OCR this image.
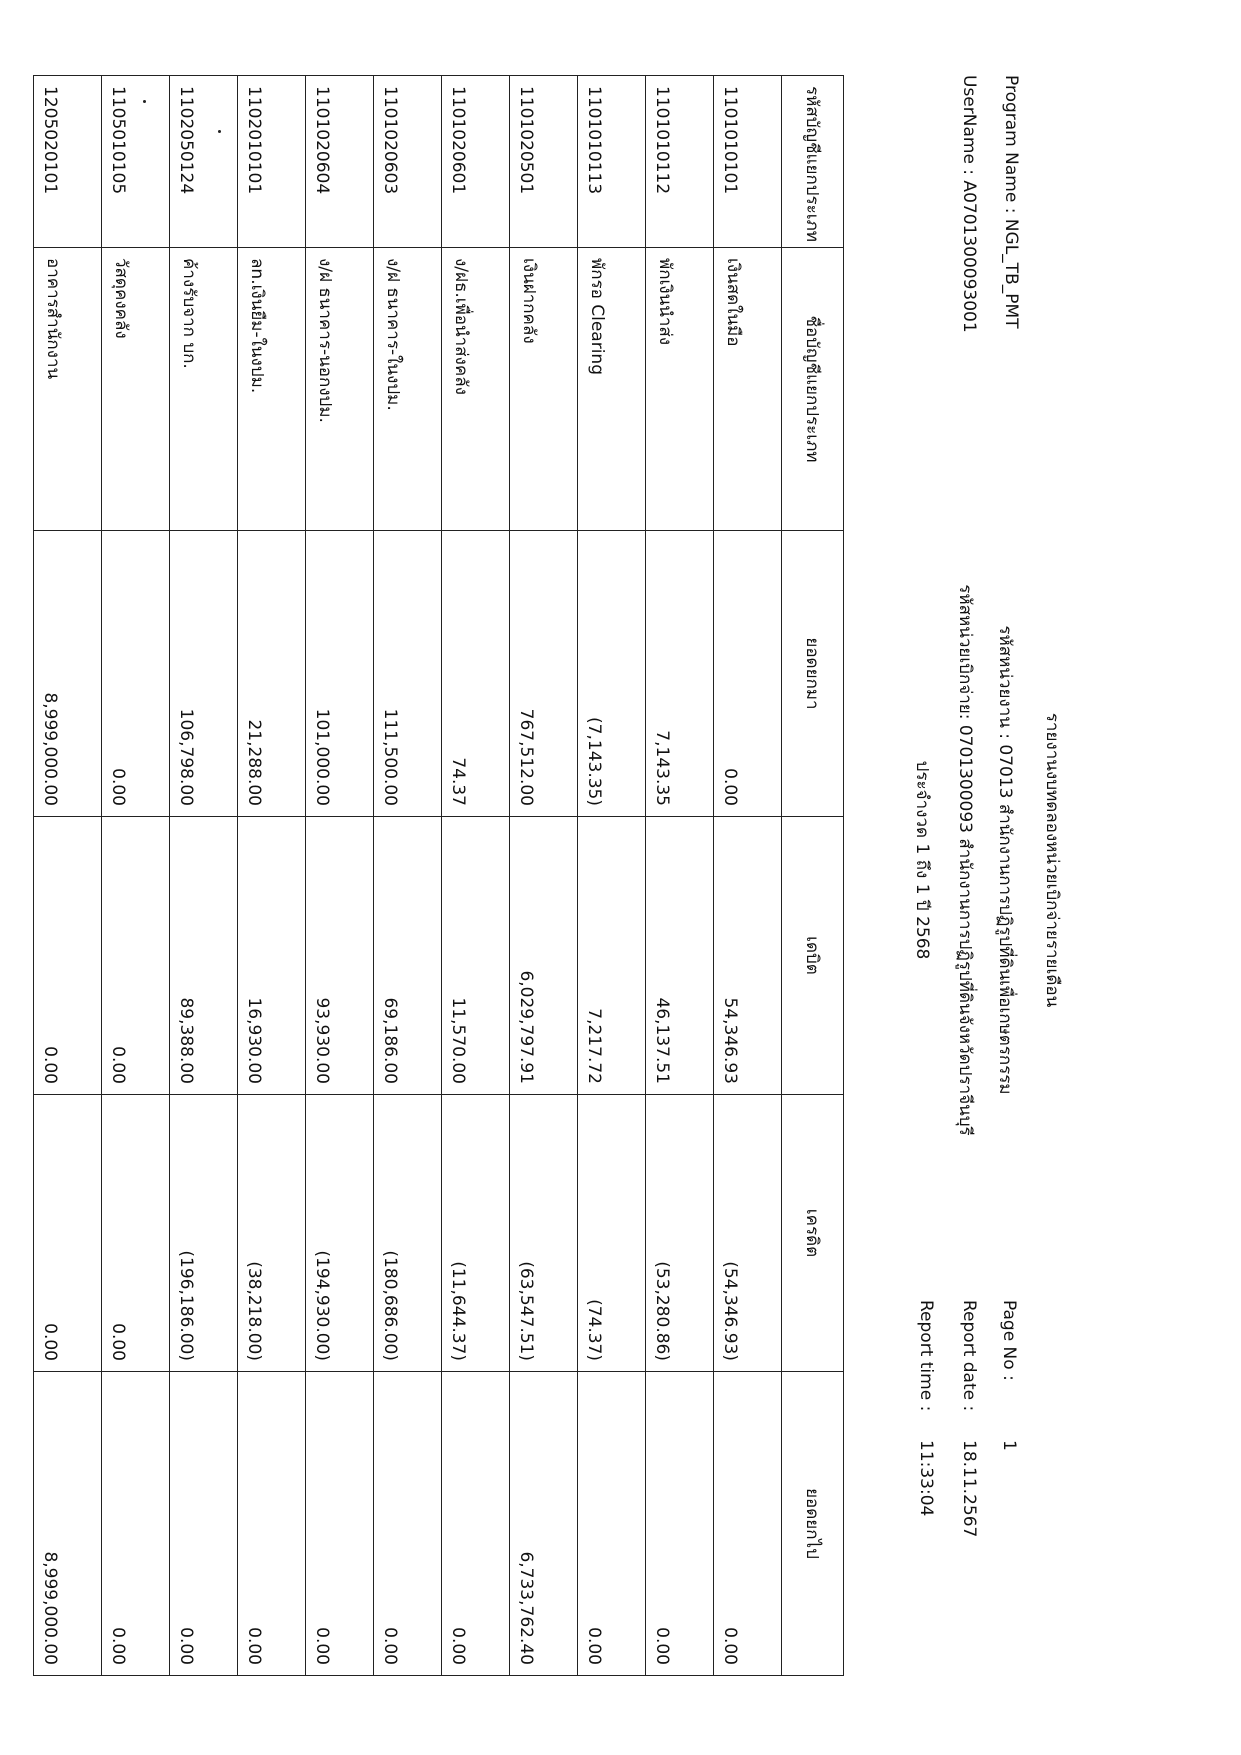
Program Name : NGL_TB_PMT
UserName : A0701300093001
รายงานงบทดลองหน่วยเบิกจ่ายรายเดือน
รหัสหน่วยงาน : 07013 สำนักงานการปฏิรูปที่ดินเพื่อเกษตรกรรม
รหัสหน่วยเบิกจ่าย: 0701300093 สำนักงานการปฏิรูปที่ดินจังหวัดปราจีนบุรี
ประจำงวด 1 ถึง 1 ปี 2568
Page No :
1
Report date :
18.11.2567
Report time :
11:33:04
รหัสบัญชีแยกประเภท	ชื่อบัญชีแยกประเภท	ยอดยกมา	เดบิต	เครดิต	ยอดยกไป
1101010101	เงินสดในมือ	0.00	54,346.93	(54,346.93)	0.00
1101010112	พักเงินนำส่ง	7,143.35	46,137.51	(53,280.86)	0.00
1101010113	พักรอ Clearing	(7,143.35)	7,217.72	(74.37)	0.00
1101020501	เงินฝากคลัง	767,512.00	6,029,797.91	(63,547.51)	6,733,762.40
1101020601	ง/ฝธ.เพื่อนำส่งคลัง	74.37	11,570.00	(11,644.37)	0.00
1101020603	ง/ฝ ธนาคาร-ในงปม.	111,500.00	69,186.00	(180,686.00)	0.00
1101020604	ง/ฝ ธนาคาร-นอกงปม.	101,000.00	93,930.00	(194,930.00)	0.00
1102010101	ลn.เงินยืม-ในงปม.	21,288.00	16,930.00	(38,218.00)	0.00
1102050124	ค้างรับจาก บก.	106,798.00	89,388.00	(196,186.00)	0.00
1105010105	วัสดุคงคลัง	0.00	0.00	0.00	0.00
1205020101	อาคารสำนักงาน	8,999,000.00	0.00	0.00	8,999,000.00
